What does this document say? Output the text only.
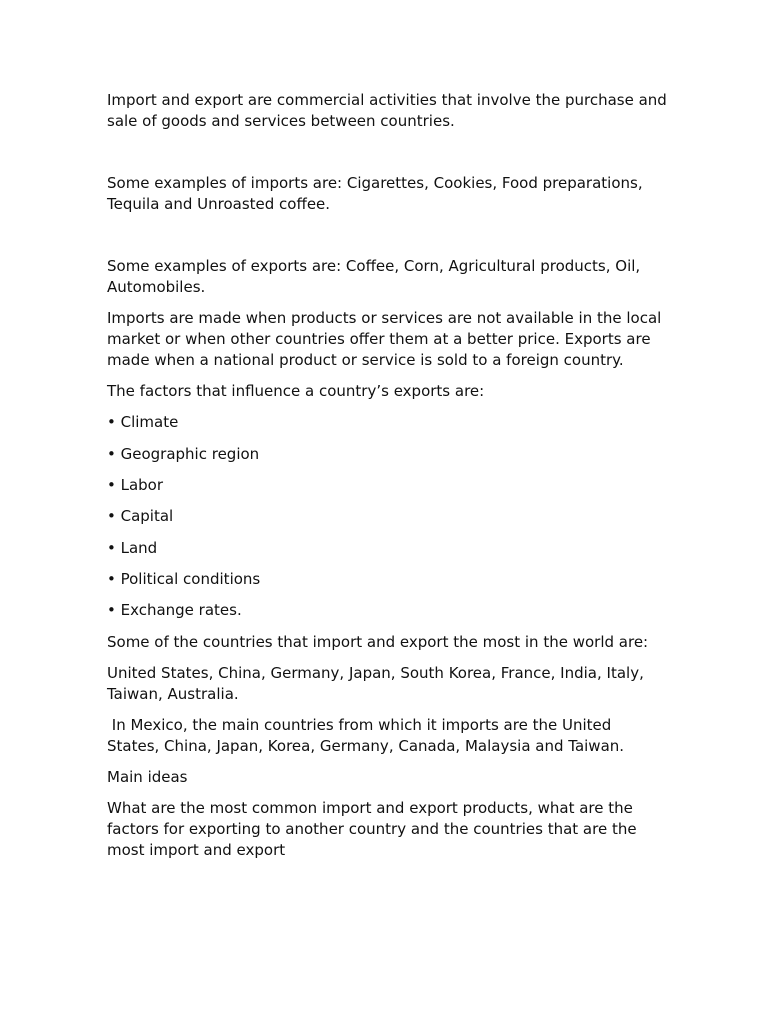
Import and export are commercial activities that involve the purchase and sale of goods and services between countries.

Some examples of imports are: Cigarettes, Cookies, Food preparations, Tequila and Unroasted coffee.

Some examples of exports are: Coffee, Corn, Agricultural products, Oil, Automobiles.

Imports are made when products or services are not available in the local market or when other countries offer them at a better price. Exports are made when a national product or service is sold to a foreign country.

The factors that influence a country’s exports are:

• Climate

• Geographic region

• Labor

• Capital

• Land

• Political conditions

• Exchange rates.

Some of the countries that import and export the most in the world are:

United States, China, Germany, Japan, South Korea, France, India, Italy, Taiwan, Australia.

In Mexico, the main countries from which it imports are the United States, China, Japan, Korea, Germany, Canada, Malaysia and Taiwan.

Main ideas

What are the most common import and export products, what are the factors for exporting to another country and the countries that are the most import and export
